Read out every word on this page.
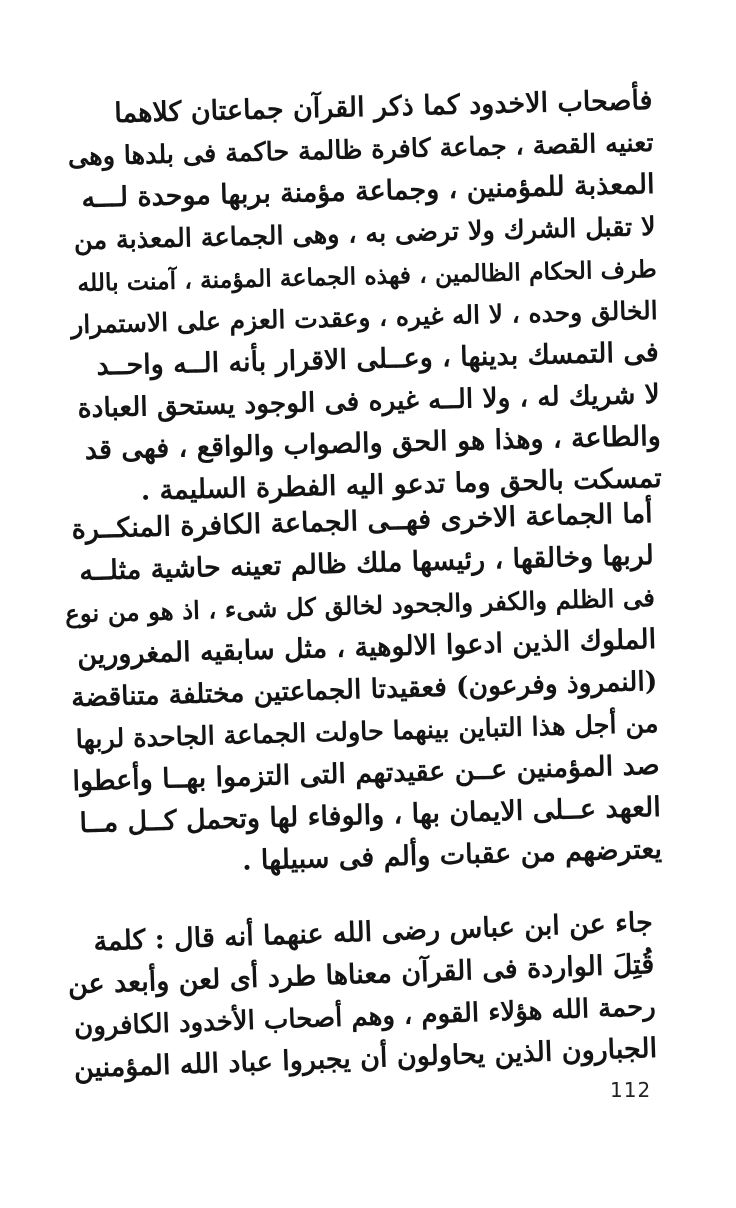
فأصحاب الاخدود كما ذكر القرآن جماعتان كلاهما
تعنيه القصة ، جماعة كافرة ظالمة حاكمة فى بلدها وهى
المعذبة للمؤمنين ، وجماعة مؤمنة بربها موحدة لـــه
لا تقبل الشرك ولا ترضى به ، وهى الجماعة المعذبة من
طرف الحكام الظالمين ، فهذه الجماعة المؤمنة ، آمنت بالله
الخالق وحده ، لا اله غيره ، وعقدت العزم على الاستمرار
فى التمسك بدينها ، وعــلى الاقرار بأنه الــه واحــد
لا شريك له ، ولا الــه غيره فى الوجود يستحق العبادة
والطاعة ، وهذا هو الحق والصواب والواقع ، فهى قد
تمسكت بالحق وما تدعو اليه الفطرة السليمة .
أما الجماعة الاخرى فهــى الجماعة الكافرة المنكــرة
لربها وخالقها ، رئيسها ملك ظالم تعينه حاشية مثلــه
فى الظلم والكفر والجحود لخالق كل شىء ، اذ هو من نوع
الملوك الذين ادعوا الالوهية ، مثل سابقيه المغرورين
(النمروذ وفرعون) فعقيدتا الجماعتين مختلفة متناقضة
من أجل هذا التباين بينهما حاولت الجماعة الجاحدة لربها
صد المؤمنين عــن عقيدتهم التى التزموا بهــا وأعطوا
العهد عــلى الايمان بها ، والوفاء لها وتحمل كــل مــا
يعترضهم من عقبات وألم فى سبيلها .
جاء عن ابن عباس رضى الله عنهما أنه قال : كلمة
قُتِلَ الواردة فى القرآن معناها طرد أى لعن وأبعد عن
رحمة الله هؤلاء القوم ، وهم أصحاب الأخدود الكافرون
الجبارون الذين يحاولون أن يجبروا عباد الله المؤمنين
112
